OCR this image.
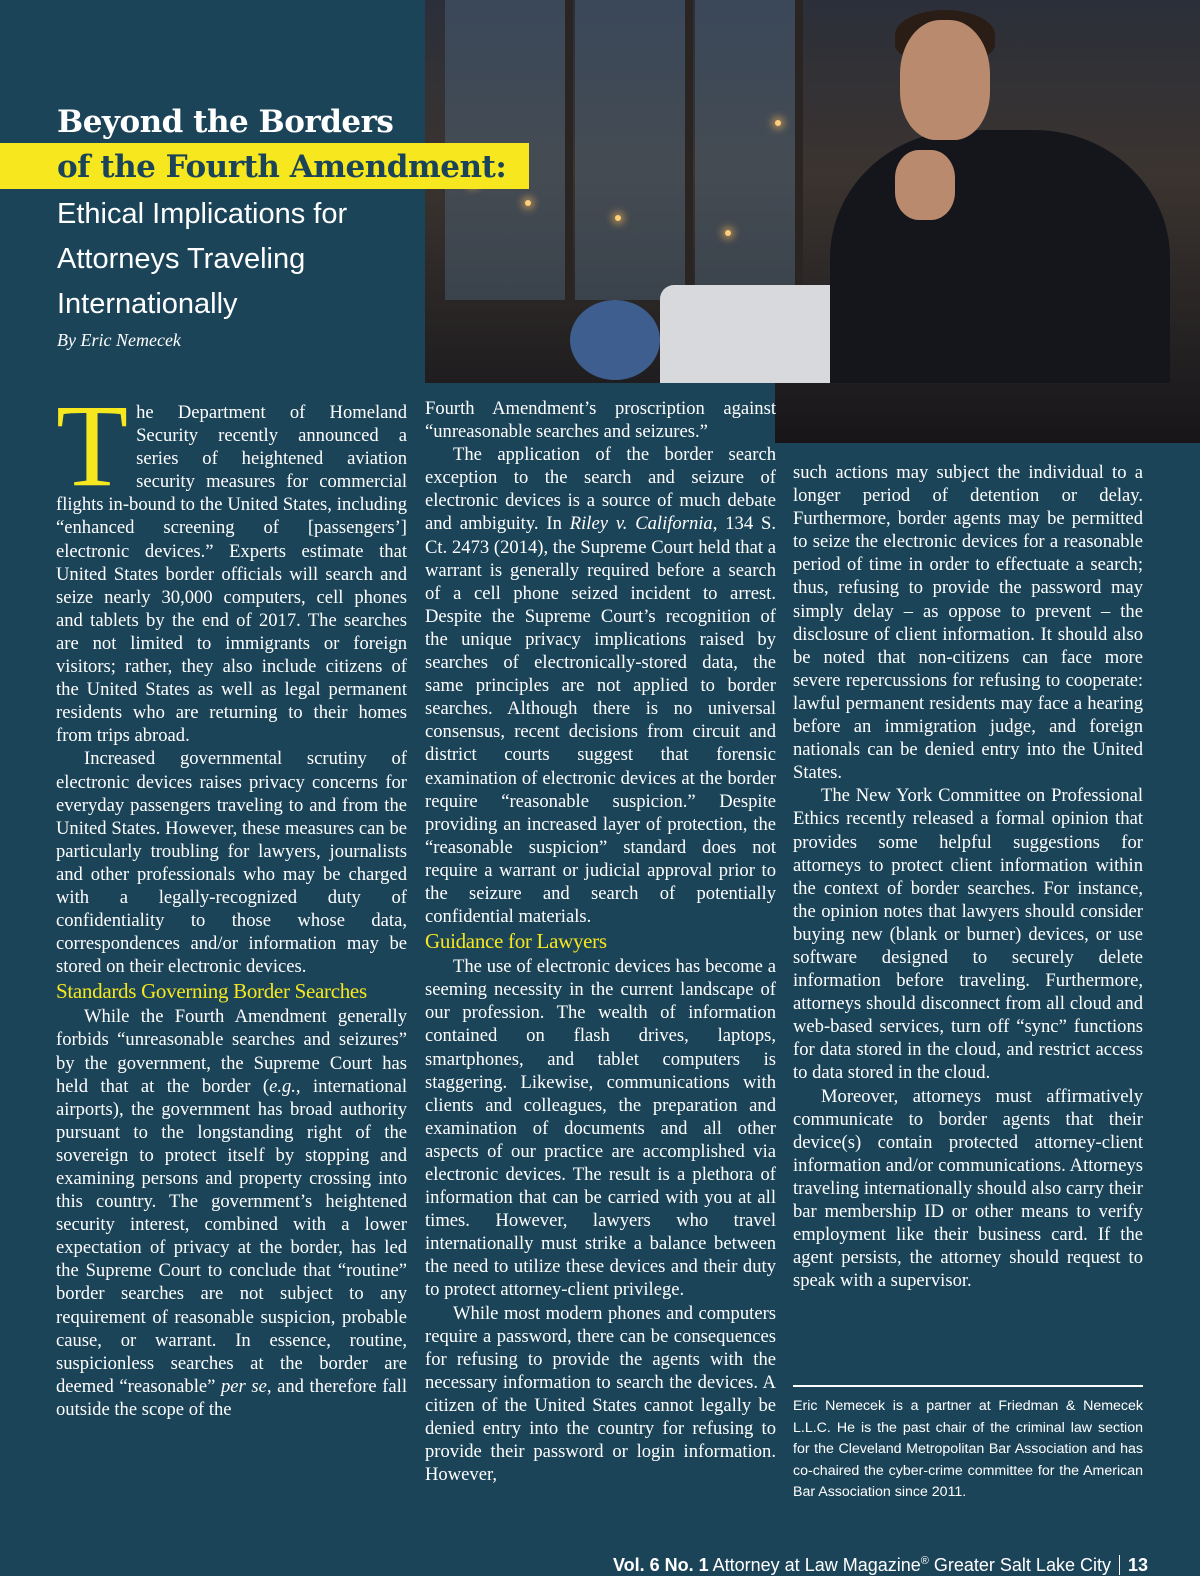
Beyond the Borders

of the Fourth Amendment:

Ethical Implications for Attorneys Traveling Internationally
By Eric Nemecek

The Department of Homeland Security recently announced a series of heightened aviation security measures for commercial flights in-bound to the United States, including “enhanced screening of [passengers’] electronic devices.” Experts estimate that United States border officials will search and seize nearly 30,000 computers, cell phones and tablets by the end of 2017. The searches are not limited to immigrants or foreign visitors; rather, they also include citizens of the United States as well as legal permanent residents who are returning to their homes from trips abroad.

Increased governmental scrutiny of electronic devices raises privacy concerns for everyday passengers traveling to and from the United States. However, these measures can be particularly troubling for lawyers, journalists and other professionals who may be charged with a legally-recognized duty of confidentiality to those whose data, correspondences and/or information may be stored on their electronic devices.

Standards Governing Border Searches

While the Fourth Amendment generally forbids “unreasonable searches and seizures” by the government, the Supreme Court has held that at the border (e.g., international airports), the government has broad authority pursuant to the longstanding right of the sovereign to protect itself by stopping and examining persons and property crossing into this country. The government’s heightened security interest, combined with a lower expectation of privacy at the border, has led the Supreme Court to conclude that “routine” border searches are not subject to any requirement of reasonable suspicion, probable cause, or warrant. In essence, routine, suspicionless searches at the border are deemed “reasonable” per se, and therefore fall outside the scope of the

Fourth Amendment’s proscription against “unreasonable searches and seizures.”

The application of the border search exception to the search and seizure of electronic devices is a source of much debate and ambiguity. In Riley v. California, 134 S. Ct. 2473 (2014), the Supreme Court held that a warrant is generally required before a search of a cell phone seized incident to arrest. Despite the Supreme Court’s recognition of the unique privacy implications raised by searches of electronically-stored data, the same principles are not applied to border searches. Although there is no universal consensus, recent decisions from circuit and district courts suggest that forensic examination of electronic devices at the border require “reasonable suspicion.” Despite providing an increased layer of protection, the “reasonable suspicion” standard does not require a warrant or judicial approval prior to the seizure and search of potentially confidential materials.

Guidance for Lawyers

The use of electronic devices has become a seeming necessity in the current landscape of our profession. The wealth of information contained on flash drives, laptops, smartphones, and tablet computers is staggering. Likewise, communications with clients and colleagues, the preparation and examination of documents and all other aspects of our practice are accomplished via electronic devices. The result is a plethora of information that can be carried with you at all times. However, lawyers who travel internationally must strike a balance between the need to utilize these devices and their duty to protect attorney-client privilege.

While most modern phones and computers require a password, there can be consequences for refusing to provide the agents with the necessary information to search the devices. A citizen of the United States cannot legally be denied entry into the country for refusing to provide their password or login information. However,

such actions may subject the individual to a longer period of detention or delay. Furthermore, border agents may be permitted to seize the electronic devices for a reasonable period of time in order to effectuate a search; thus, refusing to provide the password may simply delay – as oppose to prevent – the disclosure of client information. It should also be noted that non-citizens can face more severe repercussions for refusing to cooperate: lawful permanent residents may face a hearing before an immigration judge, and foreign nationals can be denied entry into the United States.

The New York Committee on Professional Ethics recently released a formal opinion that provides some helpful suggestions for attorneys to protect client information within the context of border searches. For instance, the opinion notes that lawyers should consider buying new (blank or burner) devices, or use software designed to securely delete information before traveling. Furthermore, attorneys should disconnect from all cloud and web-based services, turn off “sync” functions for data stored in the cloud, and restrict access to data stored in the cloud.

Moreover, attorneys must affirmatively communicate to border agents that their device(s) contain protected attorney-client information and/or communications. Attorneys traveling internationally should also carry their bar membership ID or other means to verify employment like their business card. If the agent persists, the attorney should request to speak with a supervisor.

Eric Nemecek is a partner at Friedman & Nemecek L.L.C. He is the past chair of the criminal law section for the Cleveland Metropolitan Bar Association and has co-chaired the cyber-crime committee for the American Bar Association since 2011.
Vol. 6 No. 1 Attorney at Law Magazine® Greater Salt Lake City 13
